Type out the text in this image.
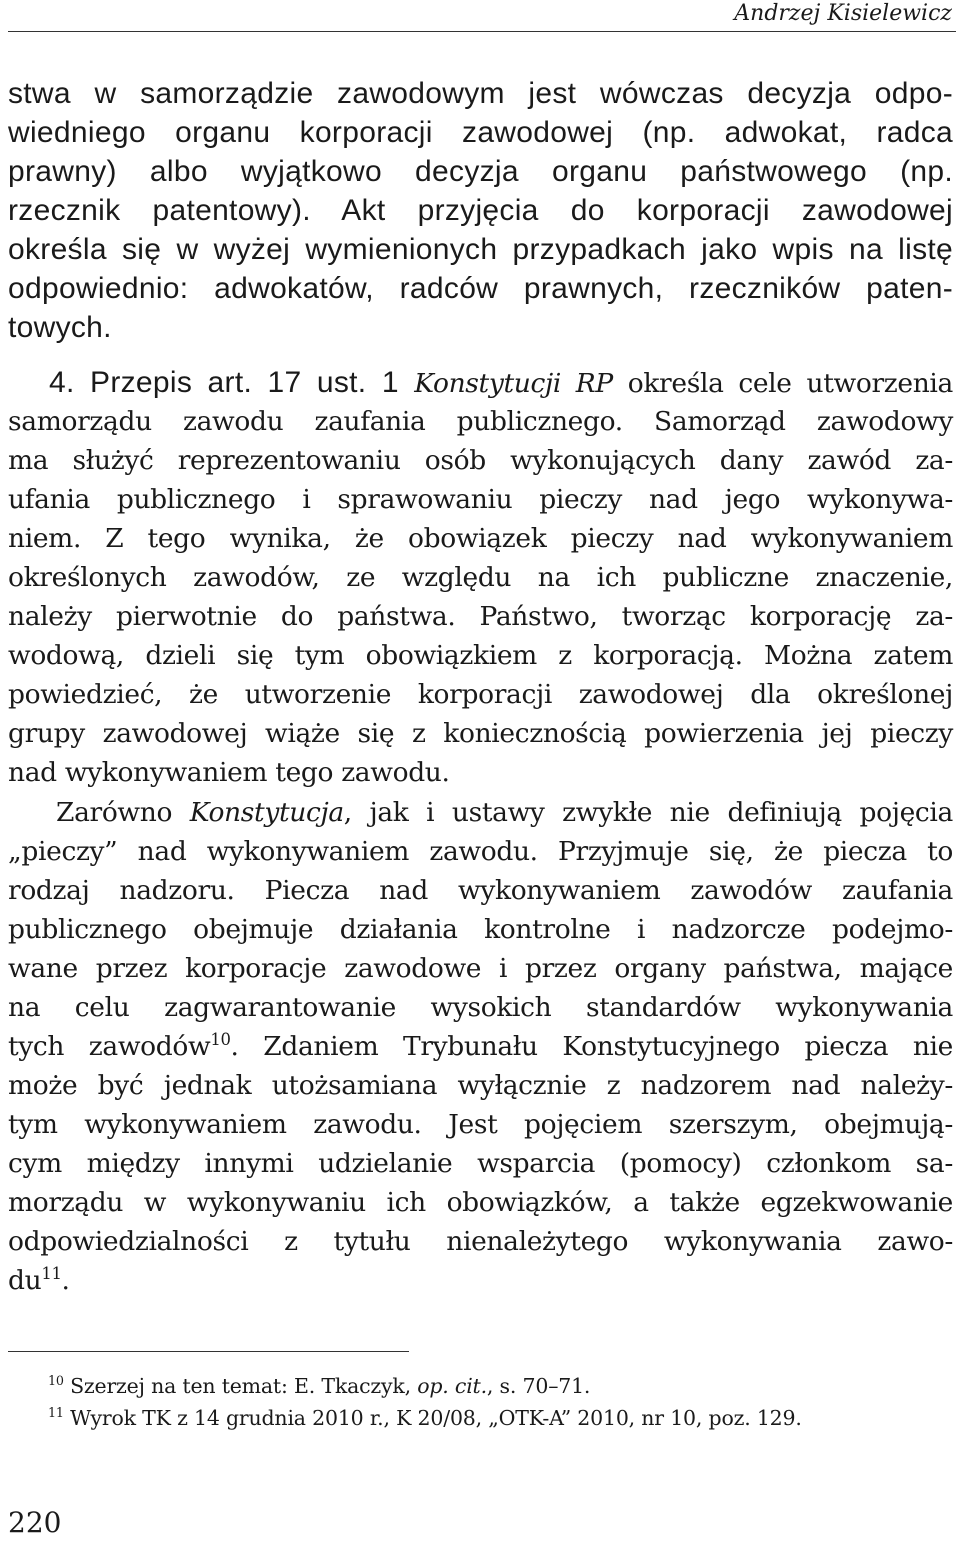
Andrzej Kisielewicz
stwa w samorządzie zawodowym jest wówczas decyzja odpo-
wiedniego organu korporacji zawodowej (np. adwokat, radca
prawny) albo wyjątkowo decyzja organu państwowego (np.
rzecznik patentowy). Akt przyjęcia do korporacji zawodowej
określa się w wyżej wymienionych przypadkach jako wpis na listę
odpowiednio: adwokatów, radców prawnych, rzeczników paten-
towych.
4. Przepis art. 17 ust. 1 Konstytucji RP określa cele utworzenia
samorządu zawodu zaufania publicznego. Samorząd zawodowy
ma służyć reprezentowaniu osób wykonujących dany zawód za-
ufania publicznego i sprawowaniu pieczy nad jego wykonywa-
niem. Z tego wynika, że obowiązek pieczy nad wykonywaniem
określonych zawodów, ze względu na ich publiczne znaczenie,
należy pierwotnie do państwa. Państwo, tworząc korporację za-
wodową, dzieli się tym obowiązkiem z korporacją. Można zatem
powiedzieć, że utworzenie korporacji zawodowej dla określonej
grupy zawodowej wiąże się z koniecznością powierzenia jej pieczy
nad wykonywaniem tego zawodu.
Zarówno Konstytucja, jak i ustawy zwykłe nie definiują pojęcia
„pieczy” nad wykonywaniem zawodu. Przyjmuje się, że piecza to
rodzaj nadzoru. Piecza nad wykonywaniem zawodów zaufania
publicznego obejmuje działania kontrolne i nadzorcze podejmo-
wane przez korporacje zawodowe i przez organy państwa, mające
na celu zagwarantowanie wysokich standardów wykonywania
tych zawodów$^{10}$. Zdaniem Trybunału Konstytucyjnego piecza nie
może być jednak utożsamiana wyłącznie z nadzorem nad należy-
tym wykonywaniem zawodu. Jest pojęciem szerszym, obejmują-
cym między innymi udzielanie wsparcia (pomocy) członkom sa-
morządu w wykonywaniu ich obowiązków, a także egzekwowanie
odpowiedzialności z tytułu nienależytego wykonywania zawo-
$du^{11}$.
$^{10}$ Szerzej na ten temat: E. Tkaczyk, op. cit., s. 70–71.
$^{11}$ Wyrok TK z 14 grudnia 2010 r., K 20/08, „OTK-A” 2010, nr 10, poz. 129.
220
